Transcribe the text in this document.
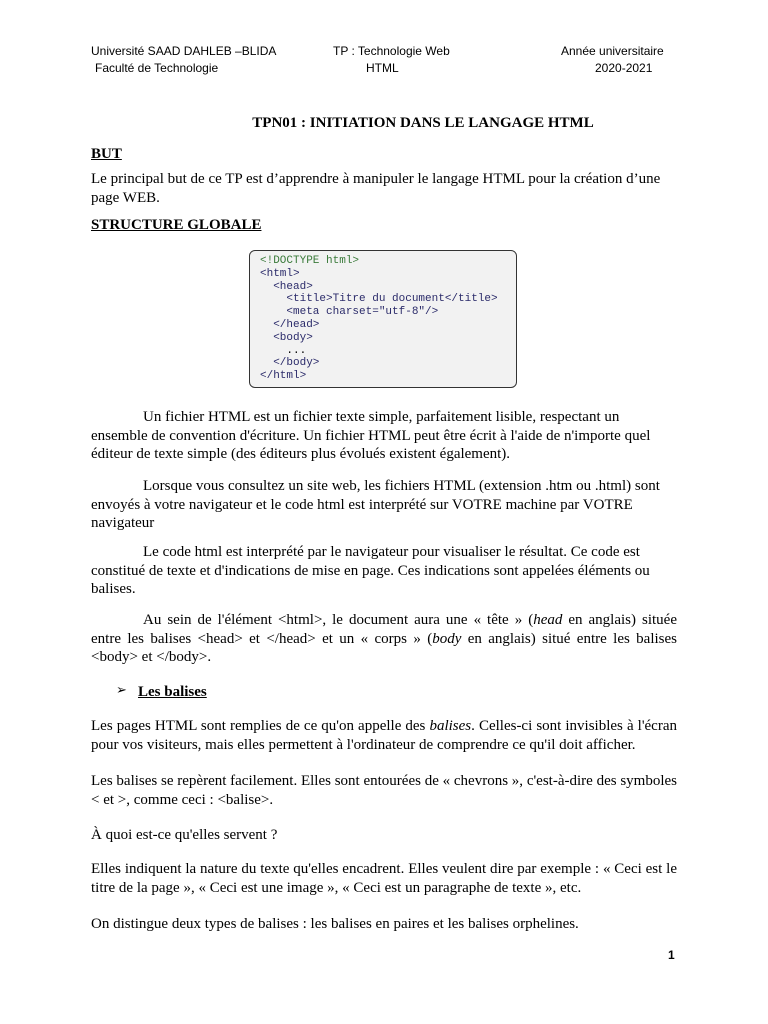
Université SAAD DAHLEB –BLIDA
Faculté de Technologie
TP : Technologie Web
HTML
Année universitaire
2020-2021
TPN01 : INITIATION DANS LE LANGAGE HTML
BUT
Le principal but de ce TP est d’apprendre à manipuler le langage HTML pour la création d’une page WEB.
STRUCTURE GLOBALE
<!DOCTYPE html>
<html>
<head>
<title>Titre du document</title>
<meta charset="utf-8"/>
</head>
<body>
...
</body>
</html>
Un fichier HTML est un fichier texte simple, parfaitement lisible, respectant un ensemble de convention d'écriture. Un fichier HTML peut être écrit à l'aide de n'importe quel éditeur de texte simple (des éditeurs plus évolués existent également).
Lorsque vous consultez un site web, les fichiers HTML (extension .htm ou .html) sont envoyés à votre navigateur et le code html est interprété sur VOTRE machine par VOTRE navigateur
Le code html est interprété par le navigateur pour visualiser le résultat. Ce code est constitué de texte et d'indications de mise en page. Ces indications sont appelées éléments ou balises.
Au sein de l'élément <html>, le document aura une « tête » (head en anglais) située entre les balises <head> et </head> et un « corps » (body en anglais) situé entre les balises <body> et </body>.
➢ Les balises
Les pages HTML sont remplies de ce qu'on appelle des balises. Celles-ci sont invisibles à l'écran pour vos visiteurs, mais elles permettent à l'ordinateur de comprendre ce qu'il doit afficher.
Les balises se repèrent facilement. Elles sont entourées de « chevrons », c'est-à-dire des symboles < et >, comme ceci : <balise>.
À quoi est-ce qu'elles servent ?
Elles indiquent la nature du texte qu'elles encadrent. Elles veulent dire par exemple : « Ceci est le titre de la page », « Ceci est une image », « Ceci est un paragraphe de texte », etc.
On distingue deux types de balises : les balises en paires et les balises orphelines.
1
